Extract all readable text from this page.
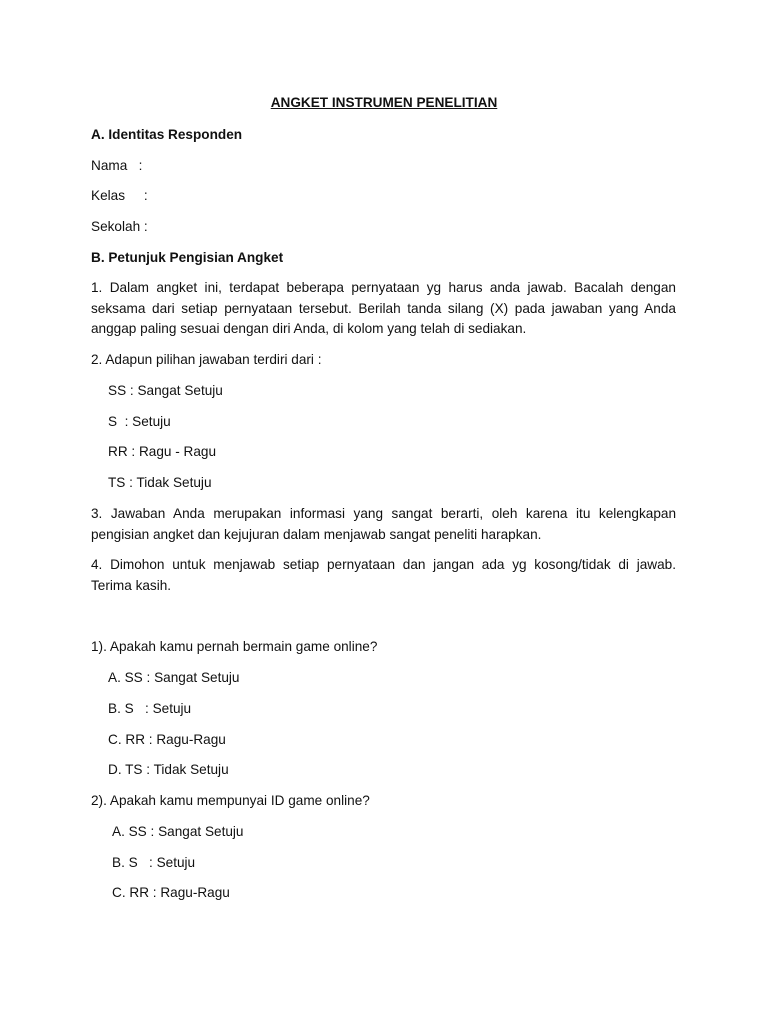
ANGKET INSTRUMEN PENELITIAN
A. Identitas Responden
Nama   :
Kelas     :
Sekolah :
B. Petunjuk Pengisian Angket
1. Dalam angket ini, terdapat beberapa pernyataan yg harus anda jawab. Bacalah dengan
seksama dari setiap pernyataan tersebut. Berilah tanda silang (X) pada jawaban yang Anda
anggap paling sesuai dengan diri Anda, di kolom yang telah di sediakan.
2. Adapun pilihan jawaban terdiri dari :
SS : Sangat Setuju
S  : Setuju
RR : Ragu - Ragu
TS : Tidak Setuju
3. Jawaban Anda merupakan informasi yang sangat berarti, oleh karena itu kelengkapan
pengisian angket dan kejujuran dalam menjawab sangat peneliti harapkan.
4. Dimohon untuk menjawab setiap pernyataan dan jangan ada yg kosong/tidak di jawab.
Terima kasih.
1). Apakah kamu pernah bermain game online?
A. SS : Sangat Setuju
B. S   : Setuju
C. RR : Ragu-Ragu
D. TS : Tidak Setuju
2). Apakah kamu mempunyai ID game online?
A. SS : Sangat Setuju
B. S   : Setuju
C. RR : Ragu-Ragu
